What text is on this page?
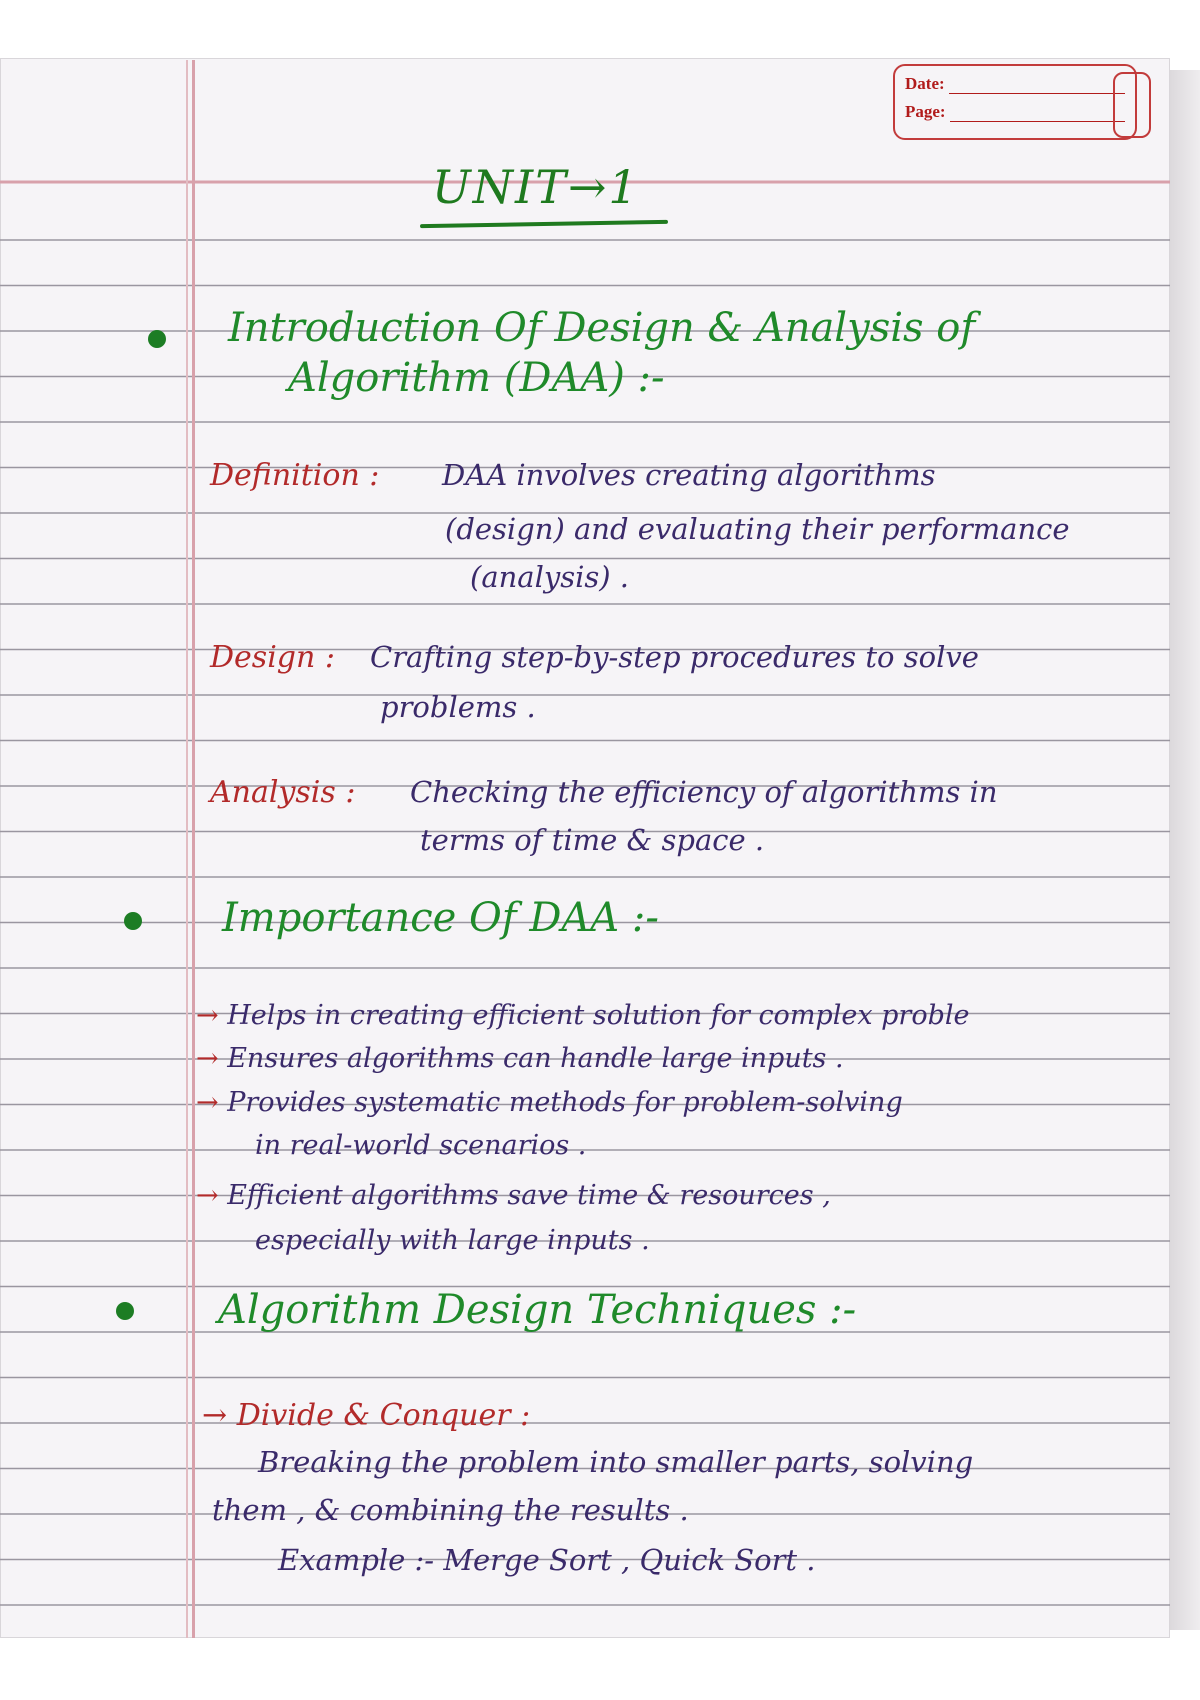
Date:
Page:
UNIT→1
Introduction Of Design & Analysis of
Algorithm (DAA) :-
Definition : DAA involves creating algorithms
(design) and evaluating their performance
(analysis) .
Design : Crafting step-by-step procedures to solve
problems .
Analysis : Checking the efficiency of algorithms in
terms of time & space .
Importance Of DAA :-
→ Helps in creating efficient solution for complex proble
→ Ensures algorithms can handle large inputs .
→ Provides systematic methods for problem-solving
in real-world scenarios .
→ Efficient algorithms save time & resources ,
especially with large inputs .
Algorithm Design Techniques :-
→ Divide & Conquer :
Breaking the problem into smaller parts, solving
them , & combining the results .
Example :- Merge Sort , Quick Sort .
